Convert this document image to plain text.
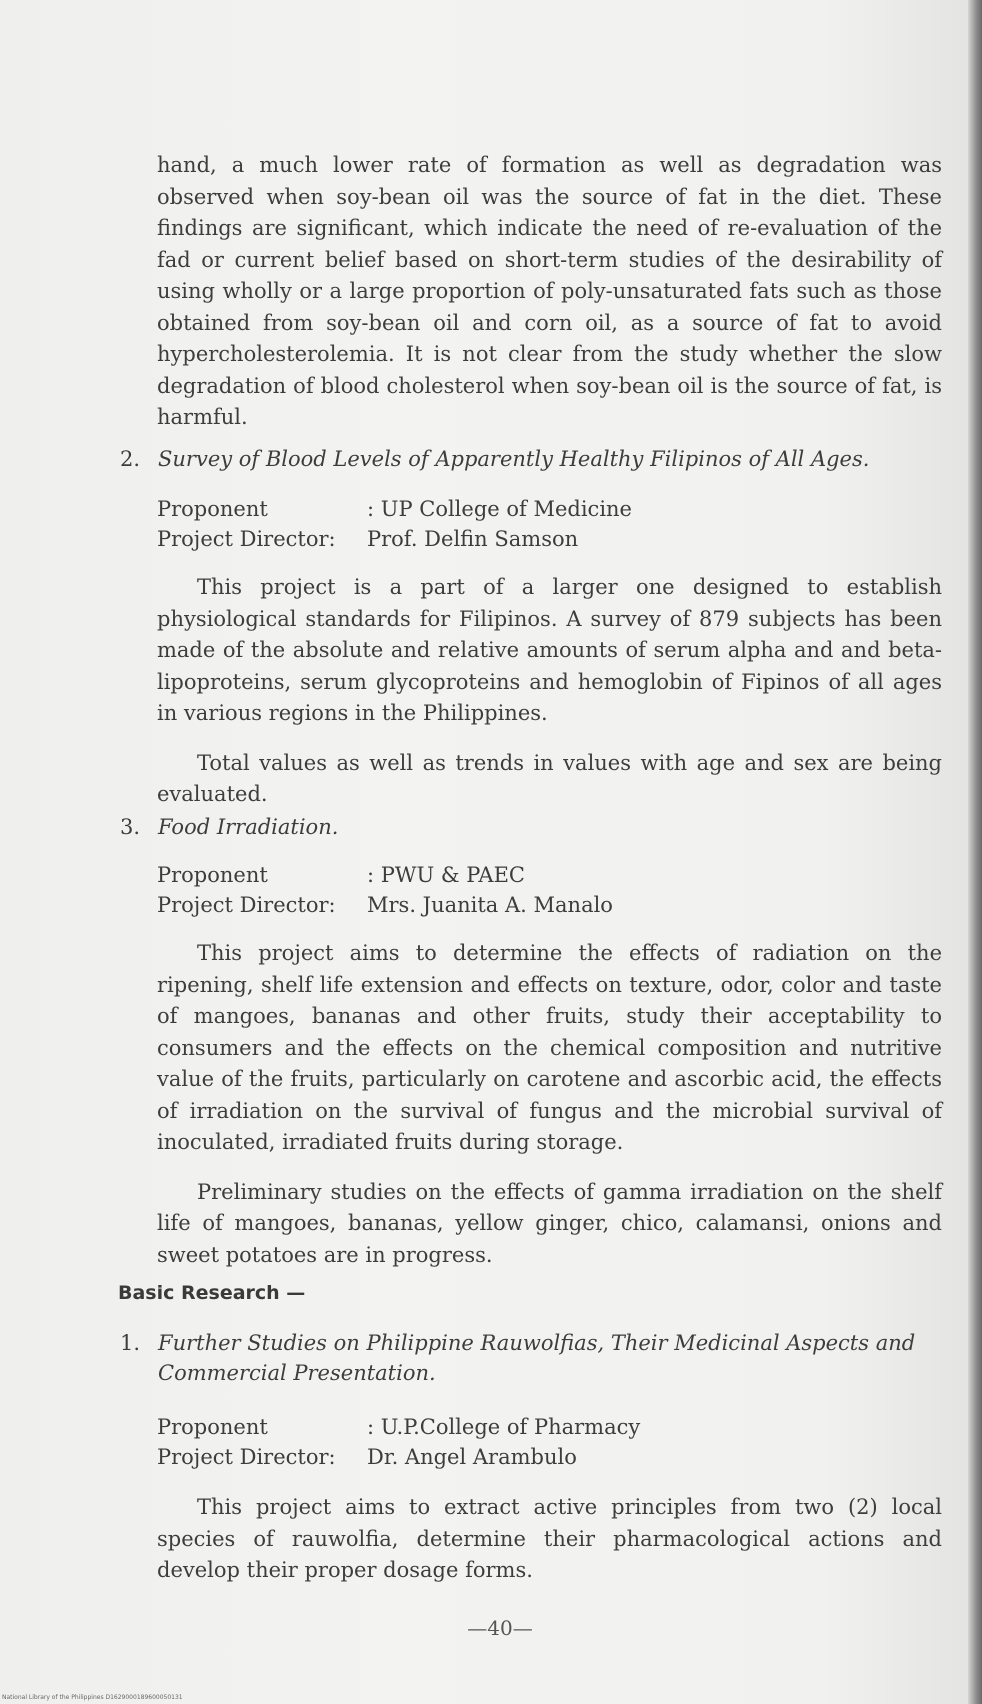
hand, a much lower rate of formation as well as degradation was observed when soy-bean oil was the source of fat in the diet. These findings are significant, which indicate the need of re-evaluation of the fad or current belief based on short-term studies of the desirability of using wholly or a large proportion of poly-unsaturated fats such as those obtained from soy-bean oil and corn oil, as a source of fat to avoid hypercholesterolemia. It is not clear from the study whether the slow degradation of blood cholesterol when soy-bean oil is the source of fat, is harmful.

2. Survey of Blood Levels of Apparently Healthy Filipinos of All Ages.
Proponent	: UP College of Medicine
Project Director:	Prof. Delfin Samson

This project is a part of a larger one designed to establish physiological standards for Filipinos. A survey of 879 subjects has been made of the absolute and relative amounts of serum alpha and and beta-lipoproteins, serum glycoproteins and hemoglobin of Fipinos of all ages in various regions in the Philippines.

Total values as well as trends in values with age and sex are being evaluated.

3. Food Irradiation.
Proponent	: PWU & PAEC
Project Director:	Mrs. Juanita A. Manalo

This project aims to determine the effects of radiation on the ripening, shelf life extension and effects on texture, odor, color and taste of mangoes, bananas and other fruits, study their acceptability to consumers and the effects on the chemical composition and nutritive value of the fruits, particularly on carotene and ascorbic acid, the effects of irradiation on the survival of fungus and the microbial survival of inoculated, irradiated fruits during storage.

Preliminary studies on the effects of gamma irradiation on the shelf life of mangoes, bananas, yellow ginger, chico, calamansi, onions and sweet potatoes are in progress.

Basic Research —
1. Further Studies on Philippine Rauwolfias, Their Medicinal Aspects and Commercial Presentation.
Proponent	: U.P.College of Pharmacy
Project Director:	Dr. Angel Arambulo

This project aims to extract active principles from two (2) local species of rauwolfia, determine their pharmacological actions and develop their proper dosage forms.

—40—
National Library of the Philippines D1629000189600050131
